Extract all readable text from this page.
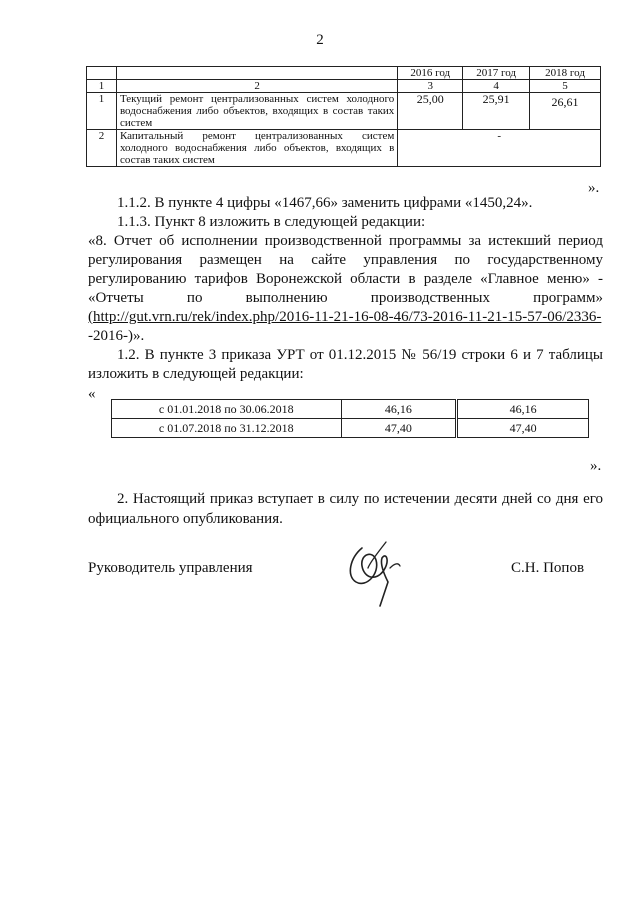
2
		2016 год	2017 год	2018 год
1	2	3	4	5
1	Текущий ремонт централизованных систем холодного водоснабжения либо объектов, входящих в состав таких систем	25,00	25,91	26,61
2	Капитальный ремонт централизованных систем холодного водоснабжения либо объектов, входящих в состав таких систем	-		
».
1.1.2. В пункте 4 цифры «1467,66» заменить цифрами «1450,24».
1.1.3. Пункт 8 изложить в следующей редакции:
«8. Отчет об исполнении производственной программы за истекший период
регулирования размещен на сайте управления по государственному
регулированию тарифов Воронежской области в разделе «Главное меню» -
«Отчеты по выполнению производственных программ»
(http://gut.vrn.ru/rek/index.php/2016-11-21-16-08-46/73-2016-11-21-15-57-06/2336-
-2016-)».
1.2. В пункте 3 приказа УРТ от 01.12.2015 № 56/19 строки 6 и 7 таблицы
изложить в следующей редакции:
«
с 01.01.2018 по 30.06.2018	46,16	46,16
с 01.07.2018 по 31.12.2018	47,40	47,40
».
2. Настоящий приказ вступает в силу по истечении десяти дней со дня его
официального опубликования.
Руководитель управления	С.Н. Попов
